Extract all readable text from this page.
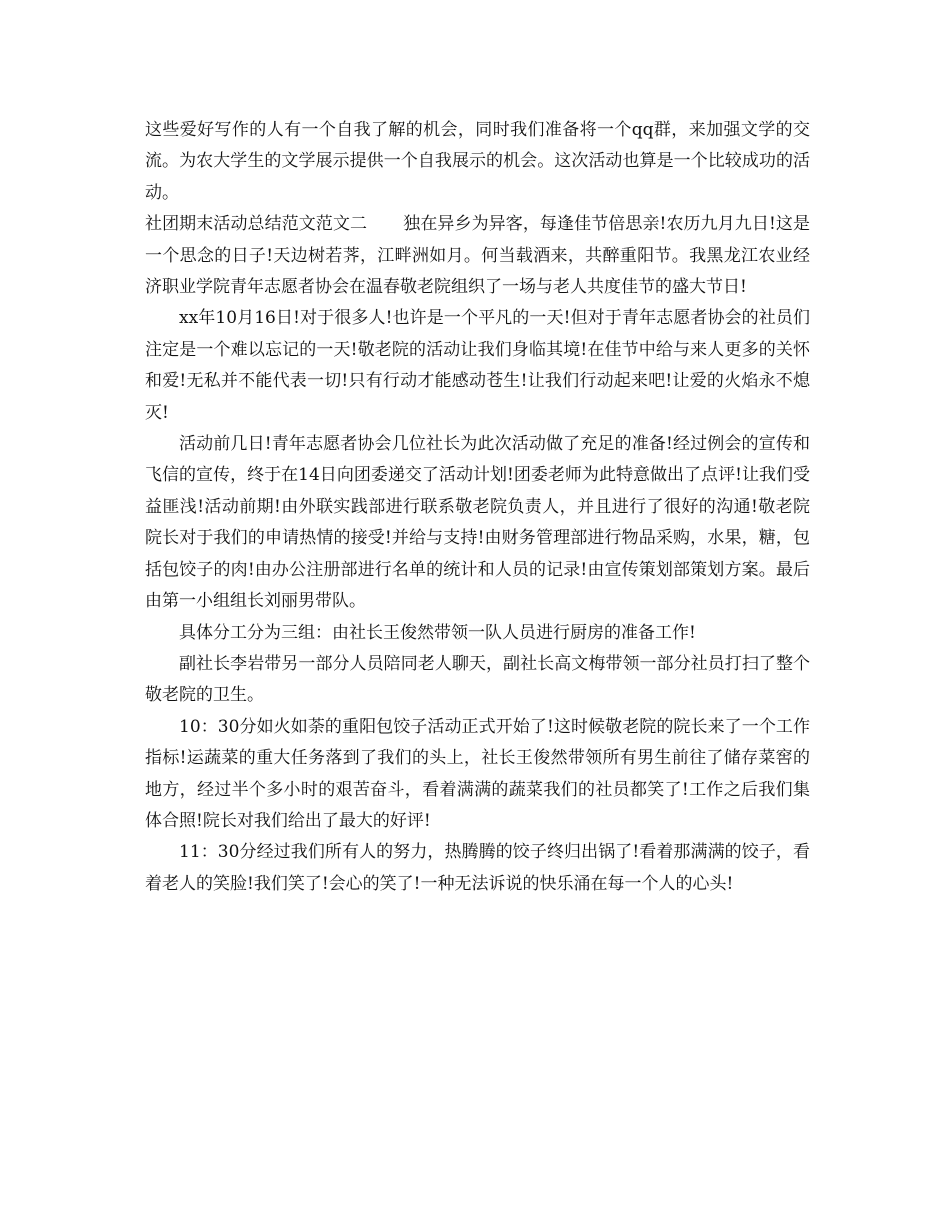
这些爱好写作的人有一个自我了解的机会，同时我们准备将一个qq群，来加强文学的交流。为农大学生的文学展示提供一个自我展示的机会。这次活动也算是一个比较成功的活动。

社团期末活动总结范文范文二 独在异乡为异客，每逢佳节倍思亲!农历九月九日!这是一个思念的日子!天边树若荠，江畔洲如月。何当载酒来，共醉重阳节。我黑龙江农业经济职业学院青年志愿者协会在温春敬老院组织了一场与老人共度佳节的盛大节日!

xx年10月16日!对于很多人!也许是一个平凡的一天!但对于青年志愿者协会的社员们注定是一个难以忘记的一天!敬老院的活动让我们身临其境!在佳节中给与来人更多的关怀和爱!无私并不能代表一切!只有行动才能感动苍生!让我们行动起来吧!让爱的火焰永不熄灭!

活动前几日!青年志愿者协会几位社长为此次活动做了充足的准备!经过例会的宣传和飞信的宣传，终于在14日向团委递交了活动计划!团委老师为此特意做出了点评!让我们受益匪浅!活动前期!由外联实践部进行联系敬老院负责人，并且进行了很好的沟通!敬老院院长对于我们的申请热情的接受!并给与支持!由财务管理部进行物品采购，水果，糖，包括包饺子的肉!由办公注册部进行名单的统计和人员的记录!由宣传策划部策划方案。最后由第一小组组长刘丽男带队。

具体分工分为三组：由社长王俊然带领一队人员进行厨房的准备工作!

副社长李岩带另一部分人员陪同老人聊天，副社长高文梅带领一部分社员打扫了整个敬老院的卫生。

10：30分如火如荼的重阳包饺子活动正式开始了!这时候敬老院的院长来了一个工作指标!运蔬菜的重大任务落到了我们的头上，社长王俊然带领所有男生前往了储存菜窖的地方，经过半个多小时的艰苦奋斗，看着满满的蔬菜我们的社员都笑了!工作之后我们集体合照!院长对我们给出了最大的好评!

11：30分经过我们所有人的努力，热腾腾的饺子终归出锅了!看着那满满的饺子，看着老人的笑脸!我们笑了!会心的笑了!一种无法诉说的快乐涌在每一个人的心头!
